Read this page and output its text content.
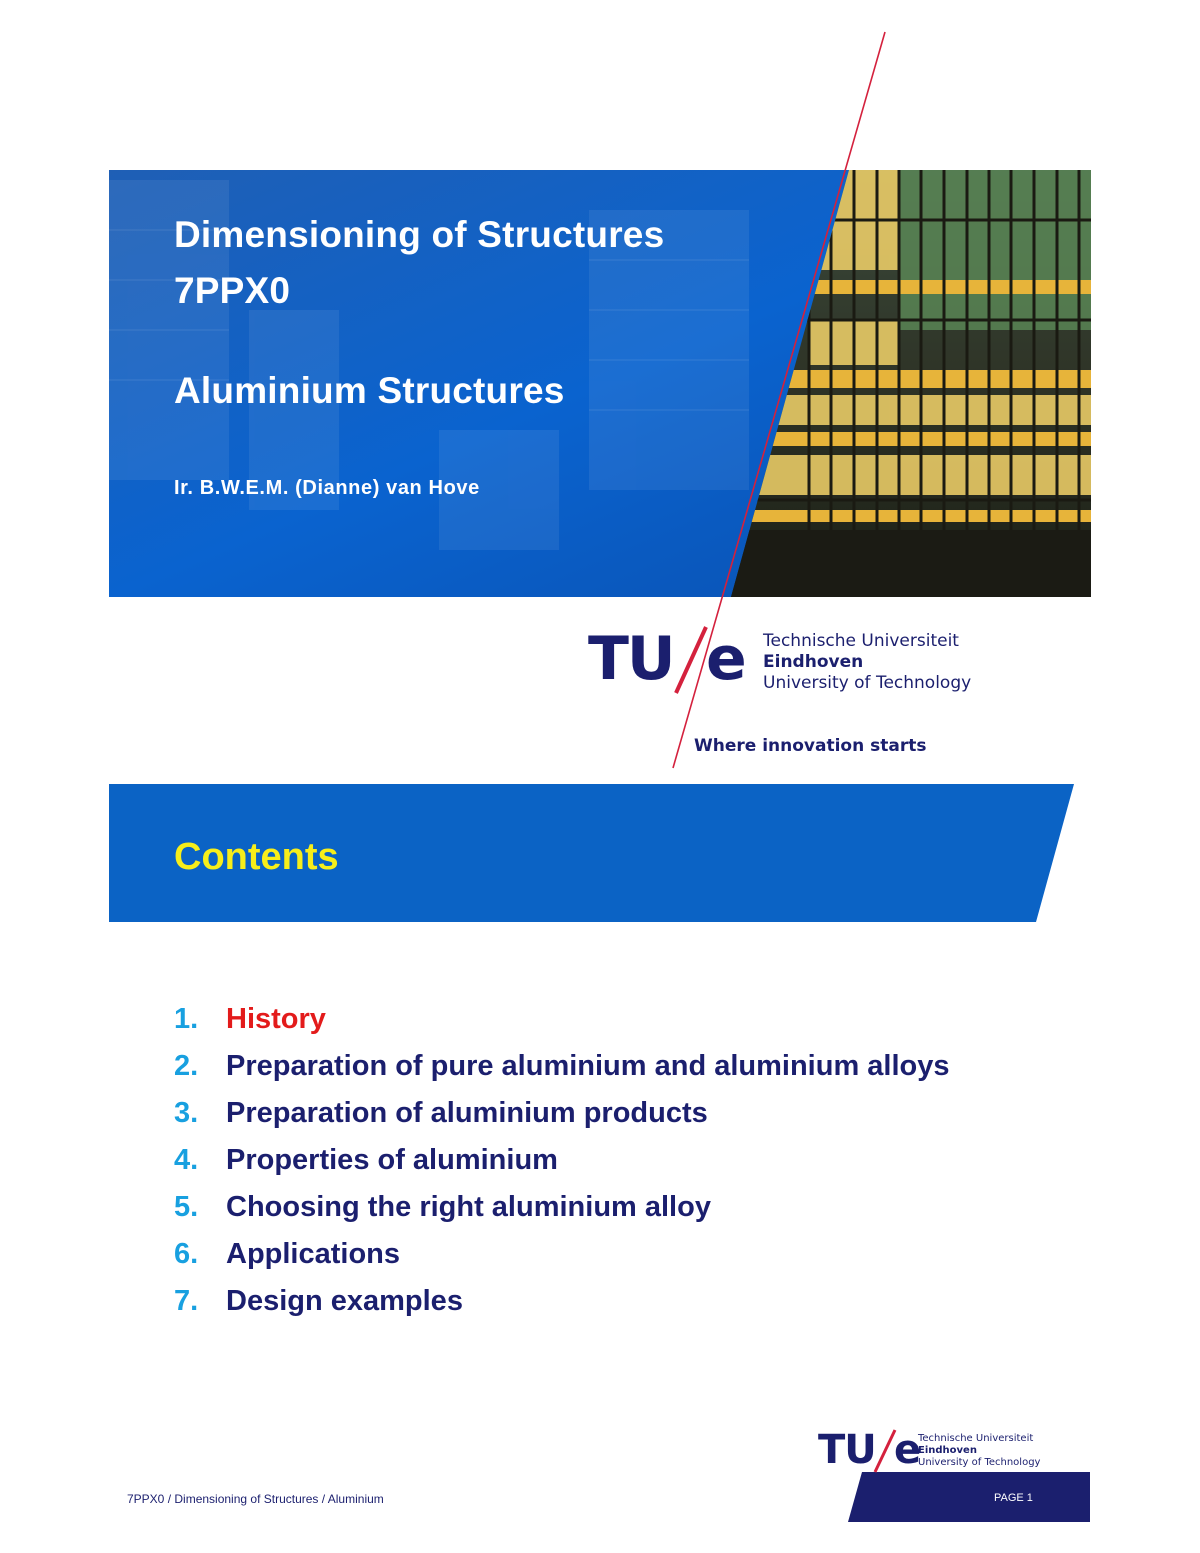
Dimensioning of Structures
7PPX0
Aluminium Structures
Ir. B.W.E.M. (Dianne) van Hove
TU e Technische Universiteit
Eindhoven
University of Technology
Where innovation starts
Contents
1. History
2. Preparation of pure aluminium and aluminium alloys
3. Preparation of aluminium products
4. Properties of aluminium
5. Choosing the right aluminium alloy
6. Applications
7. Design examples
TU e
Technische Universiteit
Eindhoven
University of Technology
7PPX0 / Dimensioning of Structures / Aluminium	PAGE 1
